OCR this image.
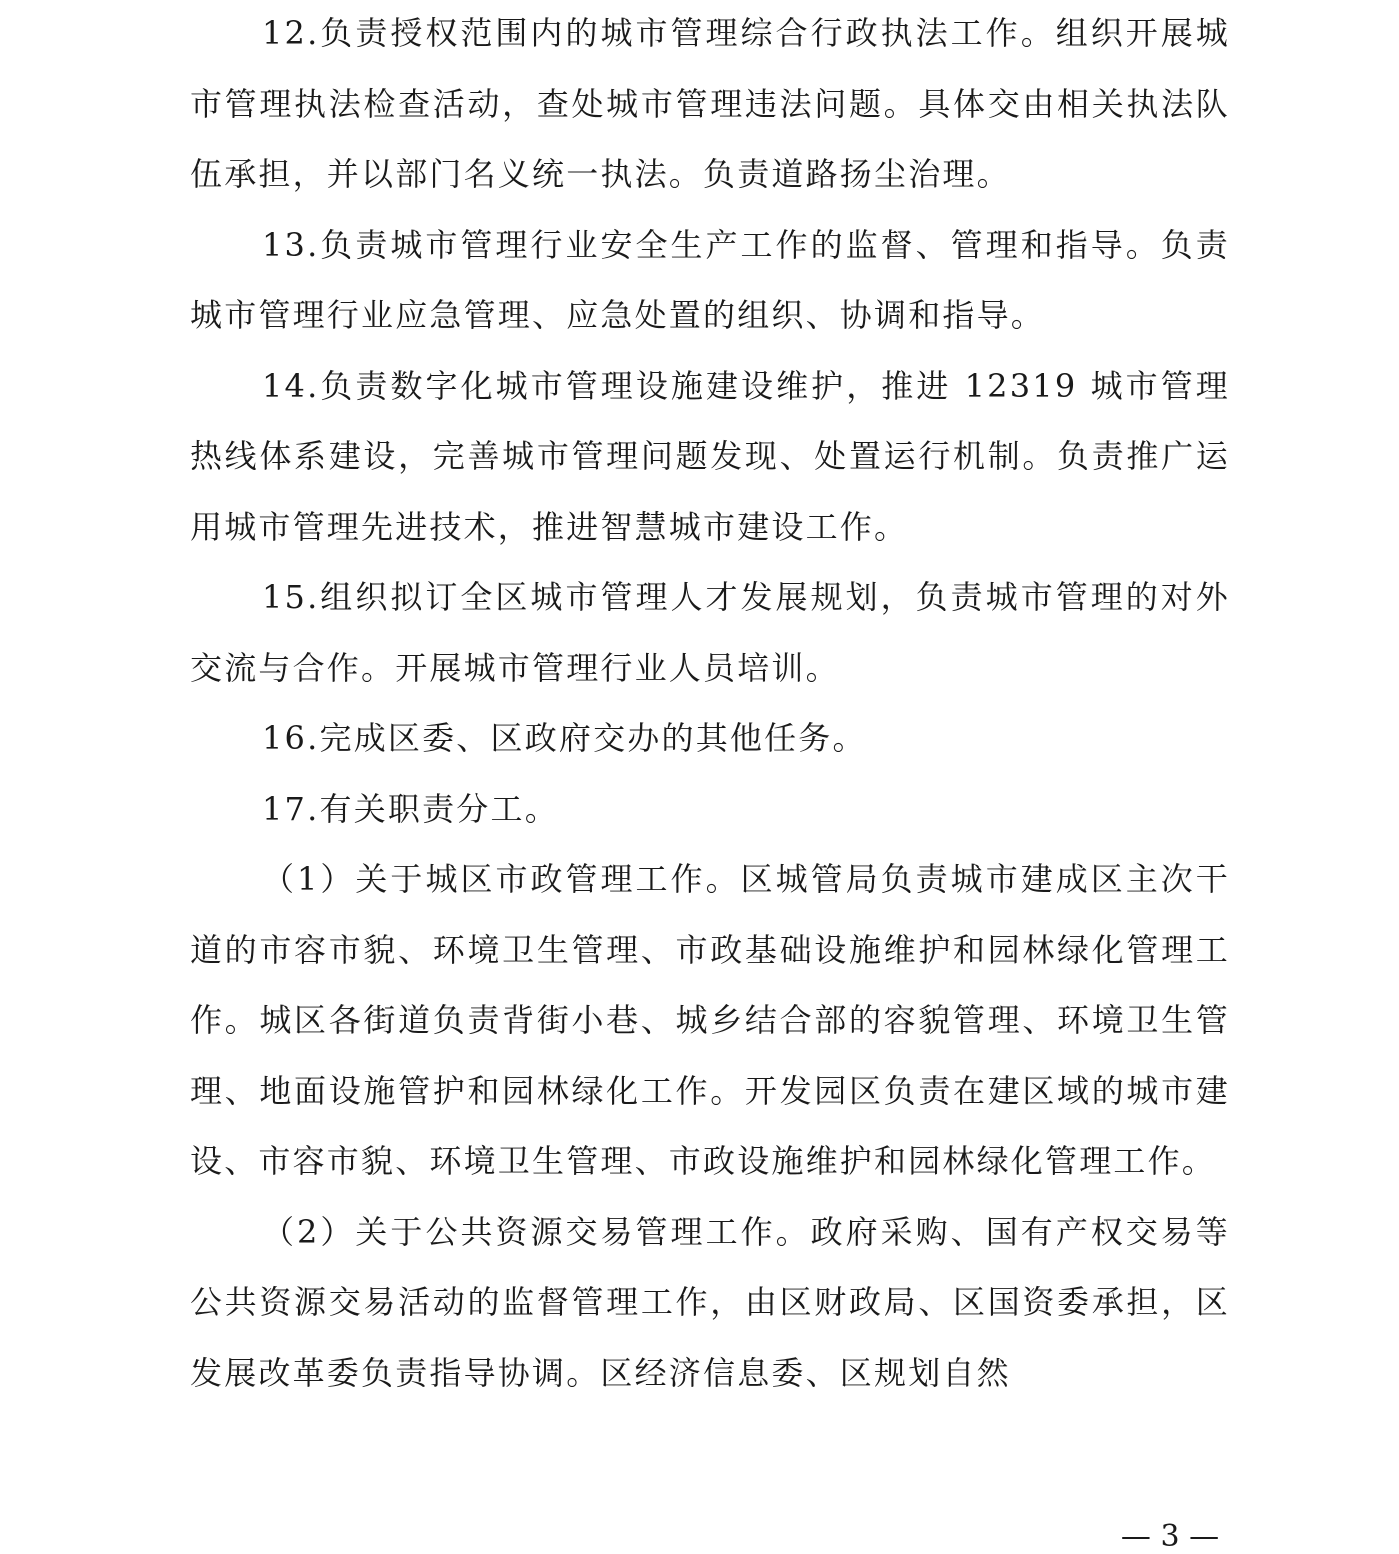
12.负责授权范围内的城市管理综合行政执法工作。组织开展城市管理执法检查活动，查处城市管理违法问题。具体交由相关执法队伍承担，并以部门名义统一执法。负责道路扬尘治理。

13.负责城市管理行业安全生产工作的监督、管理和指导。负责城市管理行业应急管理、应急处置的组织、协调和指导。

14.负责数字化城市管理设施建设维护，推进 12319 城市管理热线体系建设，完善城市管理问题发现、处置运行机制。负责推广运用城市管理先进技术，推进智慧城市建设工作。

15.组织拟订全区城市管理人才发展规划，负责城市管理的对外交流与合作。开展城市管理行业人员培训。

16.完成区委、区政府交办的其他任务。

17.有关职责分工。

（1）关于城区市政管理工作。区城管局负责城市建成区主次干道的市容市貌、环境卫生管理、市政基础设施维护和园林绿化管理工作。城区各街道负责背街小巷、城乡结合部的容貌管理、环境卫生管理、地面设施管护和园林绿化工作。开发园区负责在建区域的城市建设、市容市貌、环境卫生管理、市政设施维护和园林绿化管理工作。

（2）关于公共资源交易管理工作。政府采购、国有产权交易等公共资源交易活动的监督管理工作，由区财政局、区国资委承担，区发展改革委负责指导协调。区经济信息委、区规划自然

— 3 —
